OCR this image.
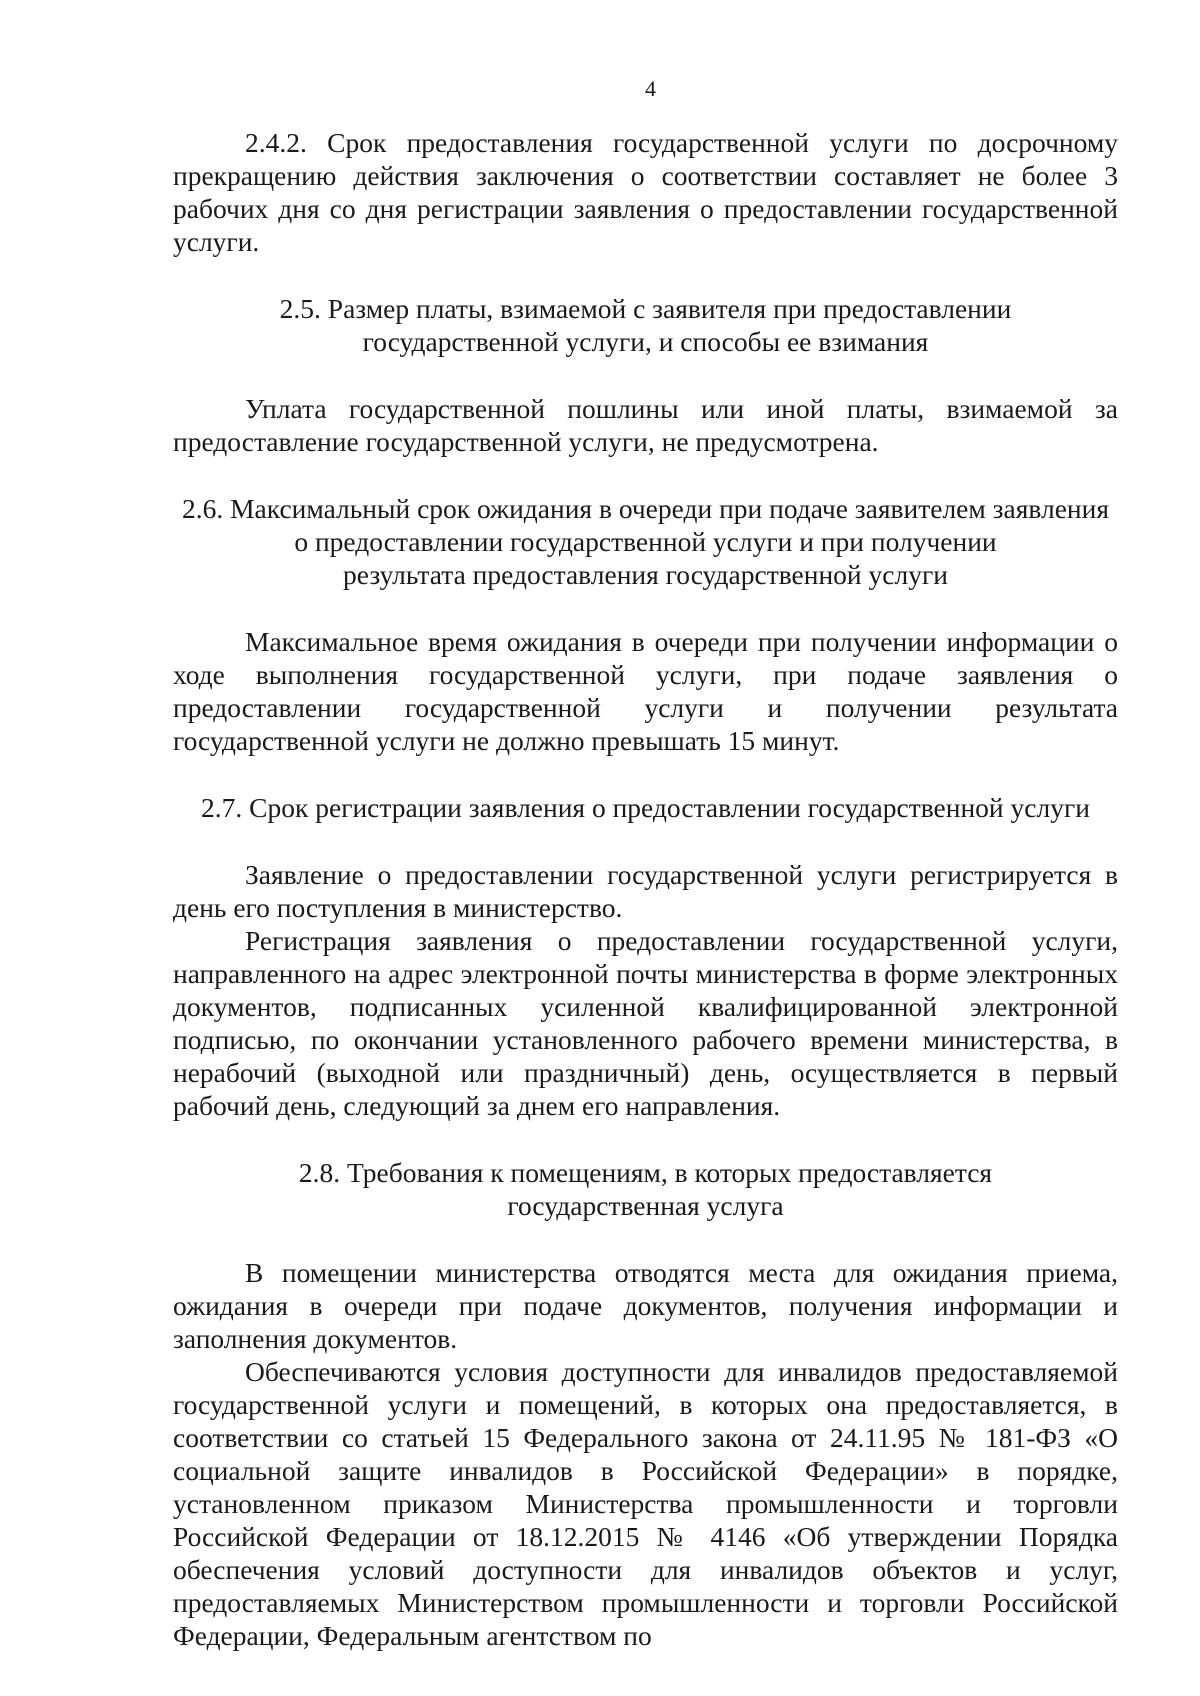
4

2.4.2. Срок предоставления государственной услуги по досрочному прекращению действия заключения о соответствии составляет не более 3 рабочих дня со дня регистрации заявления о предоставлении государственной услуги.

2.5. Размер платы, взимаемой с заявителя при предоставлении
государственной услуги, и способы ее взимания

Уплата государственной пошлины или иной платы, взимаемой за предоставление государственной услуги, не предусмотрена.

2.6. Максимальный срок ожидания в очереди при подаче заявителем заявления
о предоставлении государственной услуги и при получении
результата предоставления государственной услуги

Максимальное время ожидания в очереди при получении информации о ходе выполнения государственной услуги, при подаче заявления о предоставлении государственной услуги и получении результата государственной услуги не должно превышать 15 минут.

2.7. Срок регистрации заявления о предоставлении государственной услуги

Заявление о предоставлении государственной услуги регистрируется в день его поступления в министерство.

Регистрация заявления о предоставлении государственной услуги, направленного на адрес электронной почты министерства в форме электронных документов, подписанных усиленной квалифицированной электронной подписью, по окончании установленного рабочего времени министерства, в нерабочий (выходной или праздничный) день, осуществляется в первый рабочий день, следующий за днем его направления.

2.8. Требования к помещениям, в которых предоставляется
государственная услуга

В помещении министерства отводятся места для ожидания приема, ожидания в очереди при подаче документов, получения информации и заполнения документов.

Обеспечиваются условия доступности для инвалидов предоставляемой государственной услуги и помещений, в которых она предоставляется, в соответствии со статьей 15 Федерального закона от 24.11.95 № 181-ФЗ «О социальной защите инвалидов в Российской Федерации» в порядке, установленном приказом Министерства промышленности и торговли Российской Федерации от 18.12.2015 № 4146 «Об утверждении Порядка обеспечения условий доступности для инвалидов объектов и услуг, предоставляемых Министерством промышленности и торговли Российской Федерации, Федеральным агентством по
